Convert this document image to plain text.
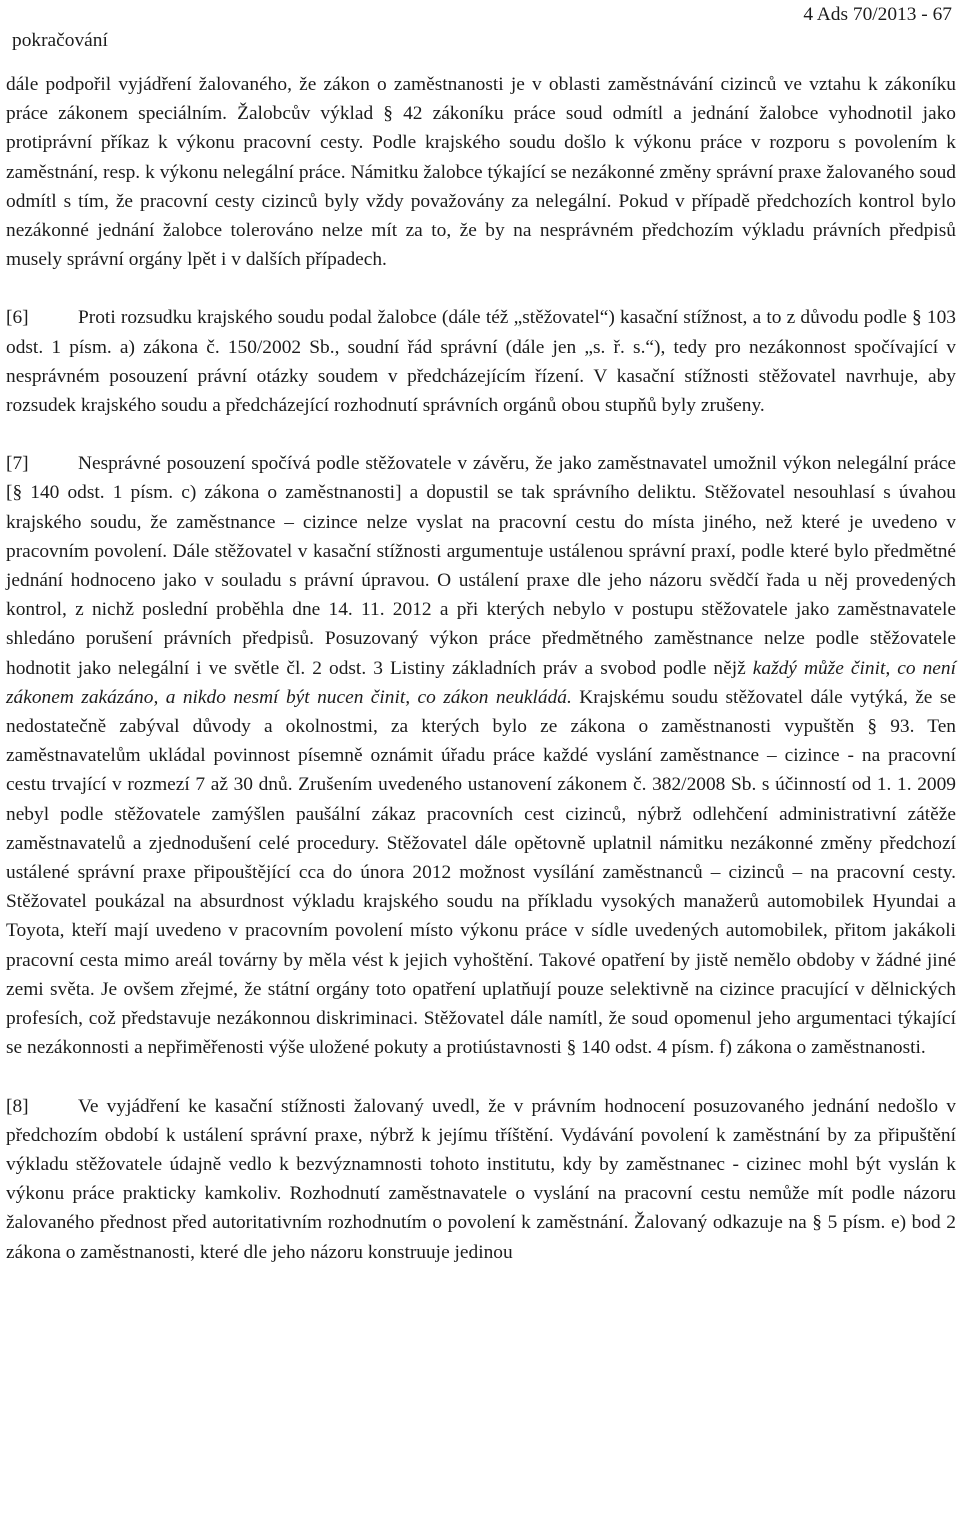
pokračování
4 Ads 70/2013 - 67

dále podpořil vyjádření žalovaného, že zákon o zaměstnanosti je v oblasti zaměstnávání cizinců ve vztahu k zákoníku práce zákonem speciálním. Žalobcův výklad § 42 zákoníku práce soud odmítl a jednání žalobce vyhodnotil jako protiprávní příkaz k výkonu pracovní cesty. Podle krajského soudu došlo k výkonu práce v rozporu s povolením k zaměstnání, resp. k výkonu nelegální práce. Námitku žalobce týkající se nezákonné změny správní praxe žalovaného soud odmítl s tím, že pracovní cesty cizinců byly vždy považovány za nelegální. Pokud v případě předchozích kontrol bylo nezákonné jednání žalobce tolerováno nelze mít za to, že by na nesprávném předchozím výkladu právních předpisů musely správní orgány lpět i v dalších případech.

[6]	Proti rozsudku krajského soudu podal žalobce (dále též „stěžovatel“) kasační stížnost, a to z důvodu podle § 103 odst. 1 písm. a) zákona č. 150/2002 Sb., soudní řád správní (dále jen „s. ř. s.“), tedy pro nezákonnost spočívající v nesprávném posouzení právní otázky soudem v předcházejícím řízení. V kasační stížnosti stěžovatel navrhuje, aby rozsudek krajského soudu a předcházející rozhodnutí správních orgánů obou stupňů byly zrušeny.

[7]	Nesprávné posouzení spočívá podle stěžovatele v závěru, že jako zaměstnavatel umožnil výkon nelegální práce [§ 140 odst. 1 písm. c) zákona o zaměstnanosti] a dopustil se tak správního deliktu. Stěžovatel nesouhlasí s úvahou krajského soudu, že zaměstnance – cizince nelze vyslat na pracovní cestu do místa jiného, než které je uvedeno v pracovním povolení. Dále stěžovatel v kasační stížnosti argumentuje ustálenou správní praxí, podle které bylo předmětné jednání hodnoceno jako v souladu s právní úpravou. O ustálení praxe dle jeho názoru svědčí řada u něj provedených kontrol, z nichž poslední proběhla dne 14. 11. 2012 a při kterých nebylo v postupu stěžovatele jako zaměstnavatele shledáno porušení právních předpisů. Posuzovaný výkon práce předmětného zaměstnance nelze podle stěžovatele hodnotit jako nelegální i ve světle čl. 2 odst. 3 Listiny základních práv a svobod podle nějž každý může činit, co není zákonem zakázáno, a nikdo nesmí být nucen činit, co zákon neukládá. Krajskému soudu stěžovatel dále vytýká, že se nedostatečně zabýval důvody a okolnostmi, za kterých bylo ze zákona o zaměstnanosti vypuštěn § 93. Ten zaměstnavatelům ukládal povinnost písemně oznámit úřadu práce každé vyslání zaměstnance – cizince - na pracovní cestu trvající v rozmezí 7 až 30 dnů. Zrušením uvedeného ustanovení zákonem č. 382/2008 Sb. s účinností od 1. 1. 2009 nebyl podle stěžovatele zamýšlen paušální zákaz pracovních cest cizinců, nýbrž odlehčení administrativní zátěže zaměstnavatelů a zjednodušení celé procedury. Stěžovatel dále opětovně uplatnil námitku nezákonné změny předchozí ustálené správní praxe připouštějící cca do února 2012 možnost vysílání zaměstnanců – cizinců – na pracovní cesty. Stěžovatel poukázal na absurdnost výkladu krajského soudu na příkladu vysokých manažerů automobilek Hyundai a Toyota, kteří mají uvedeno v pracovním povolení místo výkonu práce v sídle uvedených automobilek, přitom jakákoli pracovní cesta mimo areál továrny by měla vést k jejich vyhoštění. Takové opatření by jistě nemělo obdoby v žádné jiné zemi světa. Je ovšem zřejmé, že státní orgány toto opatření uplatňují pouze selektivně na cizince pracující v dělnických profesích, což představuje nezákonnou diskriminaci. Stěžovatel dále namítl, že soud opomenul jeho argumentaci týkající se nezákonnosti a nepřiměřenosti výše uložené pokuty a protiústavnosti § 140 odst. 4 písm. f) zákona o zaměstnanosti.

[8]	Ve vyjádření ke kasační stížnosti žalovaný uvedl, že v právním hodnocení posuzovaného jednání nedošlo v předchozím období k ustálení správní praxe, nýbrž k jejímu tříštění. Vydávání povolení k zaměstnání by za připuštění výkladu stěžovatele údajně vedlo k bezvýznamnosti tohoto institutu, kdy by zaměstnanec - cizinec mohl být vyslán k výkonu práce prakticky kamkoliv. Rozhodnutí zaměstnavatele o vyslání na pracovní cestu nemůže mít podle názoru žalovaného přednost před autoritativním rozhodnutím o povolení k zaměstnání. Žalovaný odkazuje na § 5 písm. e) bod 2 zákona o zaměstnanosti, které dle jeho názoru konstruuje jedinou
